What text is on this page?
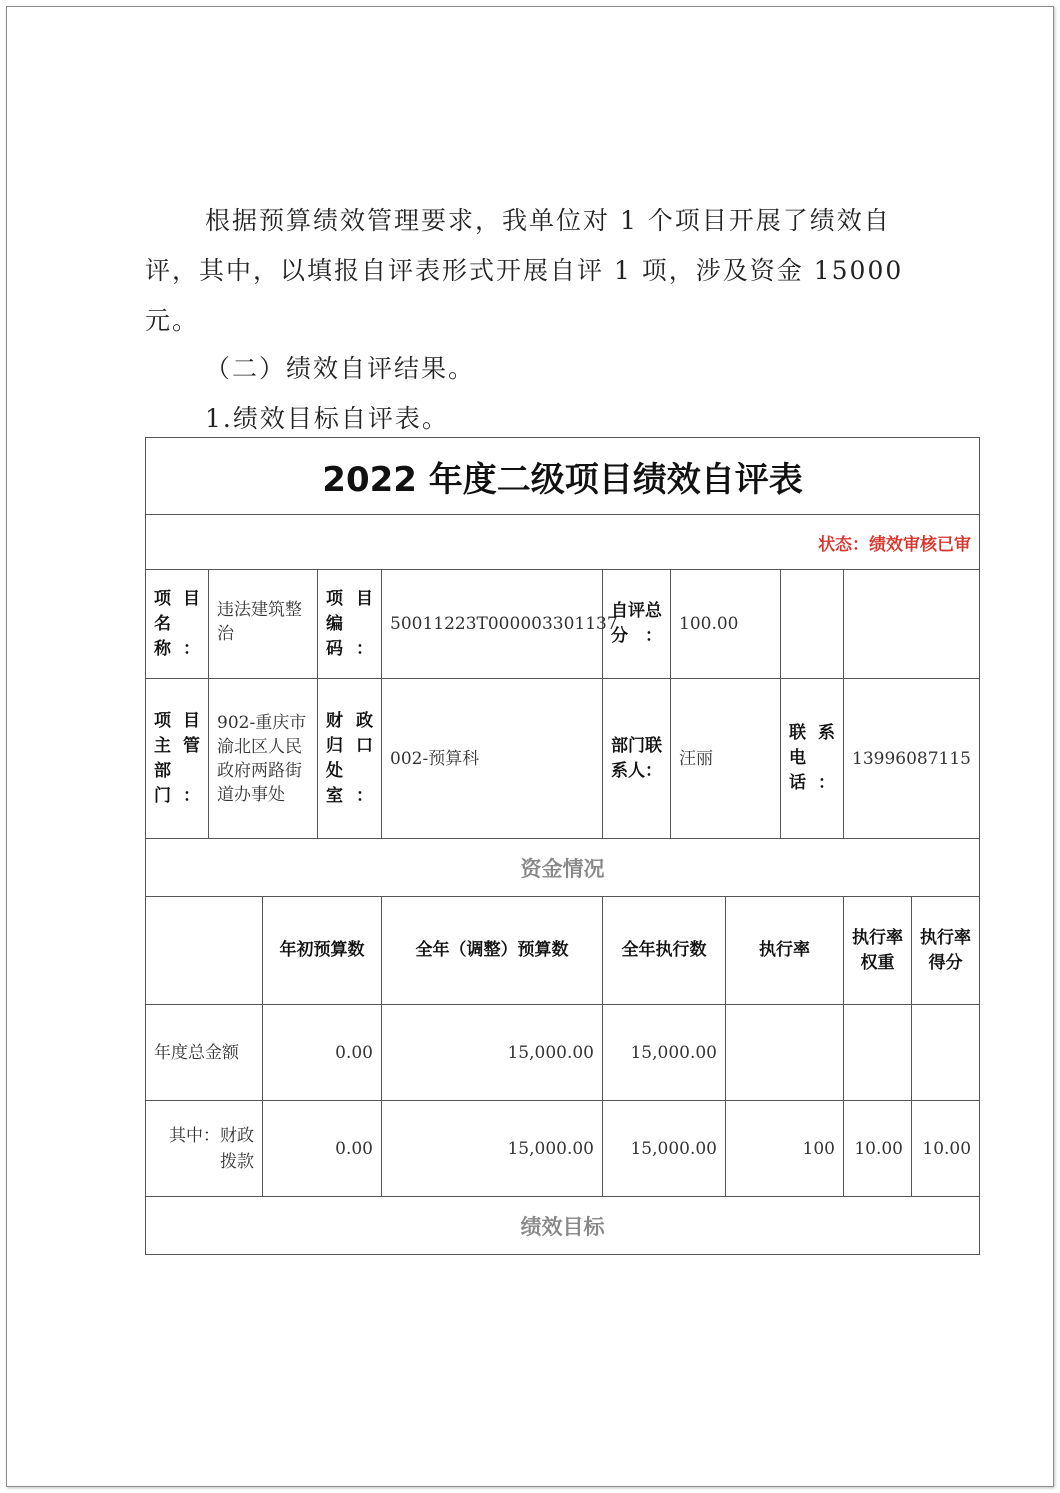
根据预算绩效管理要求，我单位对 1 个项目开展了绩效自评，其中，以填报自评表形式开展自评 1 项，涉及资金 15000 元。

（二）绩效自评结果。

1.绩效目标自评表。

2022 年度二级项目绩效自评表										
状态：绩效审核已审										
项目名称：	违法建筑整治		项目编码：	50011223T000003301137	自评总分：	100.00				
项目主管部门：	902-重庆市渝北区人民政府两路街道办事处		财政归口处室：	002-预算科	部门联系人：	汪丽		联系电话：	13996087115	
资金情况										
		年初预算数		全年（调整）预算数	全年执行数		执行率		执行率权重	执行率得分
年度总金额		0.00		15,000.00	15,000.00					
其中：财政拨款		0.00		15,000.00	15,000.00		100		10.00	10.00
绩效目标										
